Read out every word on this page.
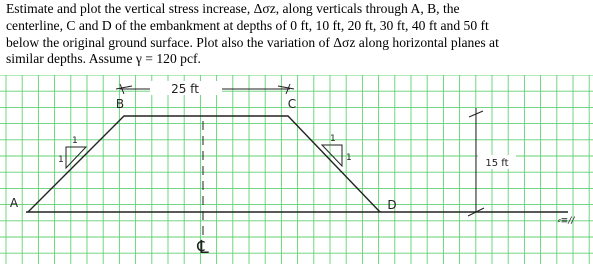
Estimate and plot the vertical stress increase, Δσz, along verticals through A, B, the
centerline, C and D of the embankment at depths of 0 ft, 10 ft, 20 ft, 30 ft, 40 ft and 50 ft
below the original ground surface. Plot also the variation of Δσz along horizontal planes at
similar depths. Assume γ = 120 pcf.
25 ft
B	C
A	D
℄
1
1
1
1	15 ft
⸗≡/∕
